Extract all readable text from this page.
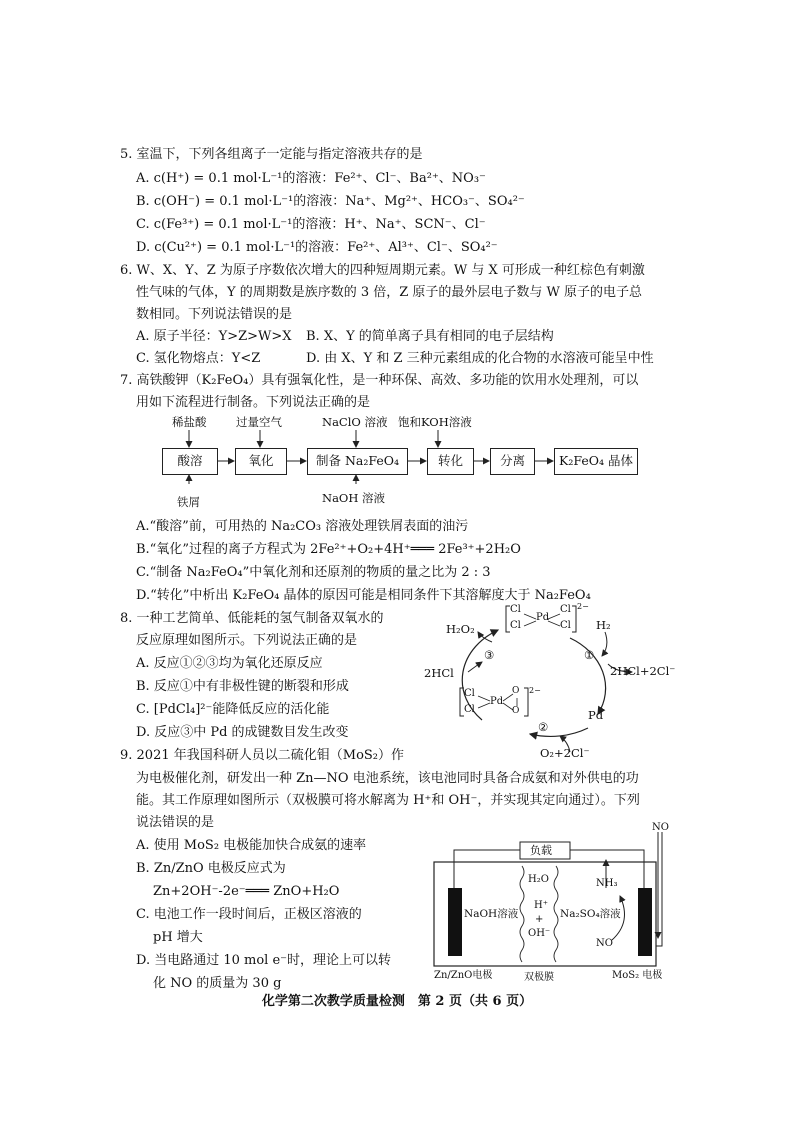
5. 室温下，下列各组离子一定能与指定溶液共存的是
A. c(H⁺) = 0.1 mol·L⁻¹的溶液：Fe²⁺、Cl⁻、Ba²⁺、NO₃⁻
B. c(OH⁻) = 0.1 mol·L⁻¹的溶液：Na⁺、Mg²⁺、HCO₃⁻、SO₄²⁻
C. c(Fe³⁺) = 0.1 mol·L⁻¹的溶液：H⁺、Na⁺、SCN⁻、Cl⁻
D. c(Cu²⁺) = 0.1 mol·L⁻¹的溶液：Fe²⁺、Al³⁺、Cl⁻、SO₄²⁻
6. W、X、Y、Z 为原子序数依次增大的四种短周期元素。W 与 X 可形成一种红棕色有刺激
性气味的气体，Y 的周期数是族序数的 3 倍，Z 原子的最外层电子数与 W 原子的电子总
数相同。下列说法错误的是
A. 原子半径：Y>Z>W>X B. X、Y 的简单离子具有相同的电子层结构
C. 氢化物熔点：Y<Z	D. 由 X、Y 和 Z 三种元素组成的化合物的水溶液可能呈中性
7. 高铁酸钾（K₂FeO₄）具有强氧化性，是一种环保、高效、多功能的饮用水处理剂，可以
用如下流程进行制备。下列说法正确的是
稀盐酸	过量空气	NaClO 溶液 饱和KOH溶液
酸溶	氧化	制备 Na₂FeO₄	转化	分离	K₂FeO₄ 晶体
铁屑	NaOH 溶液
A.“酸溶”前，可用热的 Na₂CO₃ 溶液处理铁屑表面的油污
B.“氧化”过程的离子方程式为 2Fe²⁺+O₂+4H⁺═══ 2Fe³⁺+2H₂O
C.“制备 Na₂FeO₄”中氧化剂和还原剂的物质的量之比为 2 : 3
D.“转化”中析出 K₂FeO₄ 晶体的原因可能是相同条件下其溶解度大于 Na₂FeO₄
8. 一种工艺简单、低能耗的氢气制备双氧水的
反应原理如图所示。下列说法正确的是
A. 反应①②③均为氧化还原反应
B. 反应①中有非极性键的断裂和形成
C. [PdCl₄]²⁻能降低反应的活化能
D. 反应③中 Pd 的成键数目发生改变
Cl
Cl
Pd
Cl
Cl
2−
Cl
Cl
Pd
O
O
2−
H₂O₂	H₂
2HCl+2Cl⁻
2HCl
Pd
O₂+2Cl⁻
①
②
③
9. 2021 年我国科研人员以二硫化钼（MoS₂）作
为电极催化剂，研发出一种 Zn—NO 电池系统，该电池同时具备合成氨和对外供电的功
能。其工作原理如图所示（双极膜可将水解离为 H⁺和 OH⁻，并实现其定向通过）。下列
说法错误的是
A. 使用 MoS₂ 电极能加快合成氨的速率
B. Zn/ZnO 电极反应式为
Zn+2OH⁻-2e⁻═══ ZnO+H₂O
C. 电池工作一段时间后，正极区溶液的
pH 增大
D. 当电路通过 10 mol e⁻时，理论上可以转
化 NO 的质量为 30 g
负载
NO
NaOH溶液
H₂O
H⁺
+
OH⁻
Na₂SO₄溶液
NH₃
NO
Zn/ZnO电极	MoS₂ 电极
双极膜
化学第二次教学质量检测　第 2 页（共 6 页）
